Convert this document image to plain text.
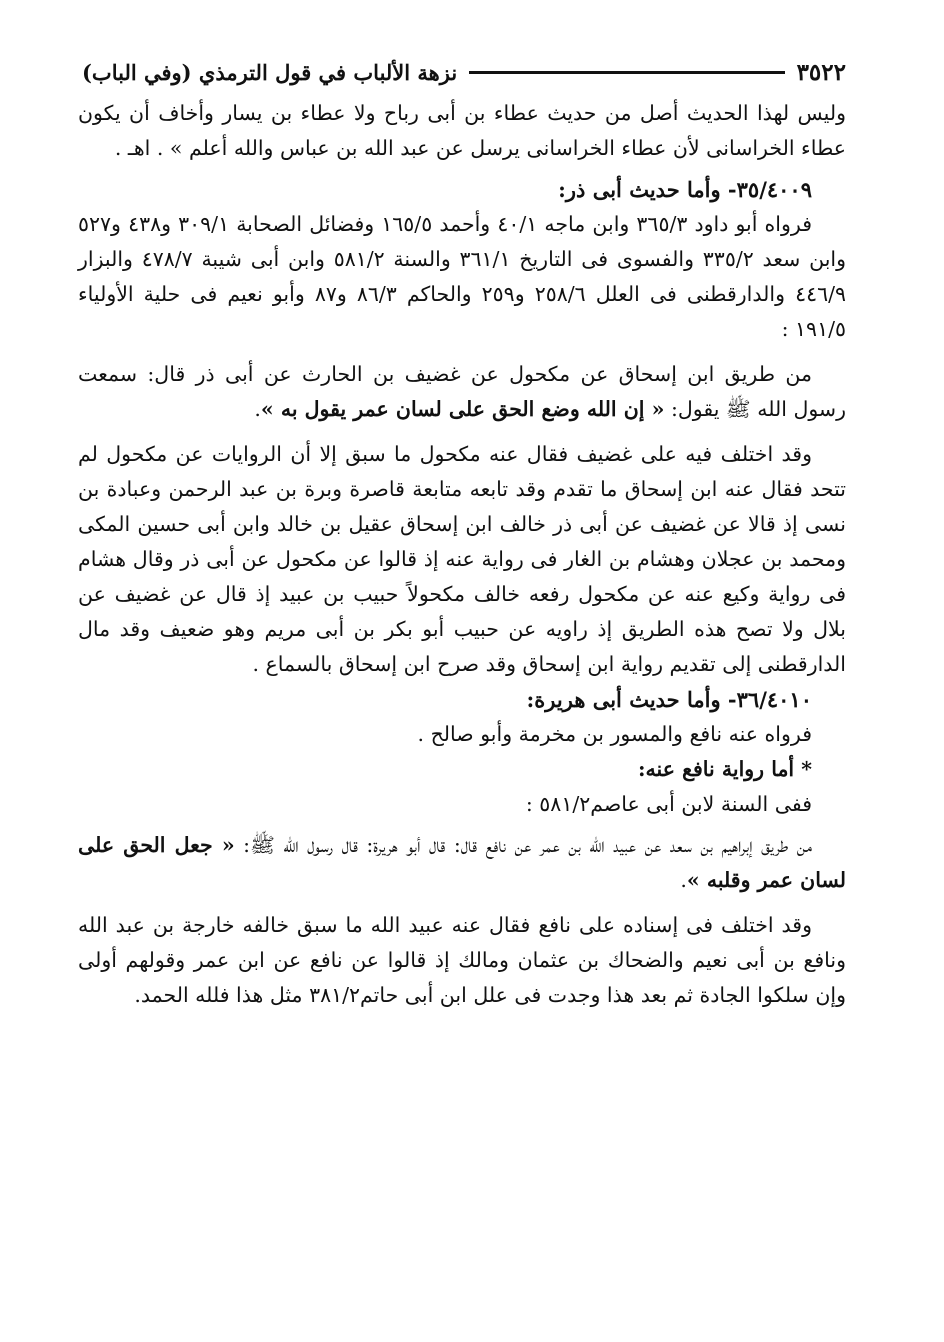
٣٥٢٢
نزهة الألباب في قول الترمذي (وفي الباب)

وليس لهذا الحديث أصل من حديث عطاء بن أبى رباح ولا عطاء بن يسار وأخاف أن يكون عطاء الخراسانى لأن عطاء الخراسانى يرسل عن عبد الله بن عباس والله أعلم » . اهـ .

٣٥/٤٠٠٩- وأما حديث أبى ذر:

فرواه أبو داود ٣٦٥/٣ وابن ماجه ٤٠/١ وأحمد ١٦٥/٥ وفضائل الصحابة ٣٠٩/١ و٤٣٨ و٥٢٧ وابن سعد ٣٣٥/٢ والفسوى فى التاريخ ٣٦١/١ والسنة ٥٨١/٢ وابن أبى شيبة ٤٧٨/٧ والبزار ٤٤٦/٩ والدارقطنى فى العلل ٢٥٨/٦ و٢٥٩ والحاكم ٨٦/٣ و٨٧ وأبو نعيم فى حلية الأولياء ١٩١/٥ :

من طريق ابن إسحاق عن مكحول عن غضيف بن الحارث عن أبى ذر قال: سمعت رسول الله ﷺ يقول: « إن الله وضع الحق على لسان عمر يقول به ».

وقد اختلف فيه على غضيف فقال عنه مكحول ما سبق إلا أن الروايات عن مكحول لم تتحد فقال عنه ابن إسحاق ما تقدم وقد تابعه متابعة قاصرة وبرة بن عبد الرحمن وعبادة بن نسى إذ قالا عن غضيف عن أبى ذر خالف ابن إسحاق عقيل بن خالد وابن أبى حسين المكى ومحمد بن عجلان وهشام بن الغار فى رواية عنه إذ قالوا عن مكحول عن أبى ذر وقال هشام فى رواية وكيع عنه عن مكحول رفعه خالف مكحولاً حبيب بن عبيد إذ قال عن غضيف عن بلال ولا تصح هذه الطريق إذ راويه عن حبيب أبو بكر بن أبى مريم وهو ضعيف وقد مال الدارقطنى إلى تقديم رواية ابن إسحاق وقد صرح ابن إسحاق بالسماع .

٣٦/٤٠١٠- وأما حديث أبى هريرة:

فرواه عنه نافع والمسور بن مخرمة وأبو صالح .

* أما رواية نافع عنه:

ففى السنة لابن أبى عاصم٥٨١/٢ :

من طريق إبراهيم بن سعد عن عبيد الله بن عمر عن نافع قال: قال أبو هريرة: قال رسول الله ﷺ: « جعل الحق على لسان عمر وقلبه ».

وقد اختلف فى إسناده على نافع فقال عنه عبيد الله ما سبق خالفه خارجة بن عبد الله ونافع بن أبى نعيم والضحاك بن عثمان ومالك إذ قالوا عن نافع عن ابن عمر وقولهم أولى وإن سلكوا الجادة ثم بعد هذا وجدت فى علل ابن أبى حاتم٣٨١/٢ مثل هذا فلله الحمد.
